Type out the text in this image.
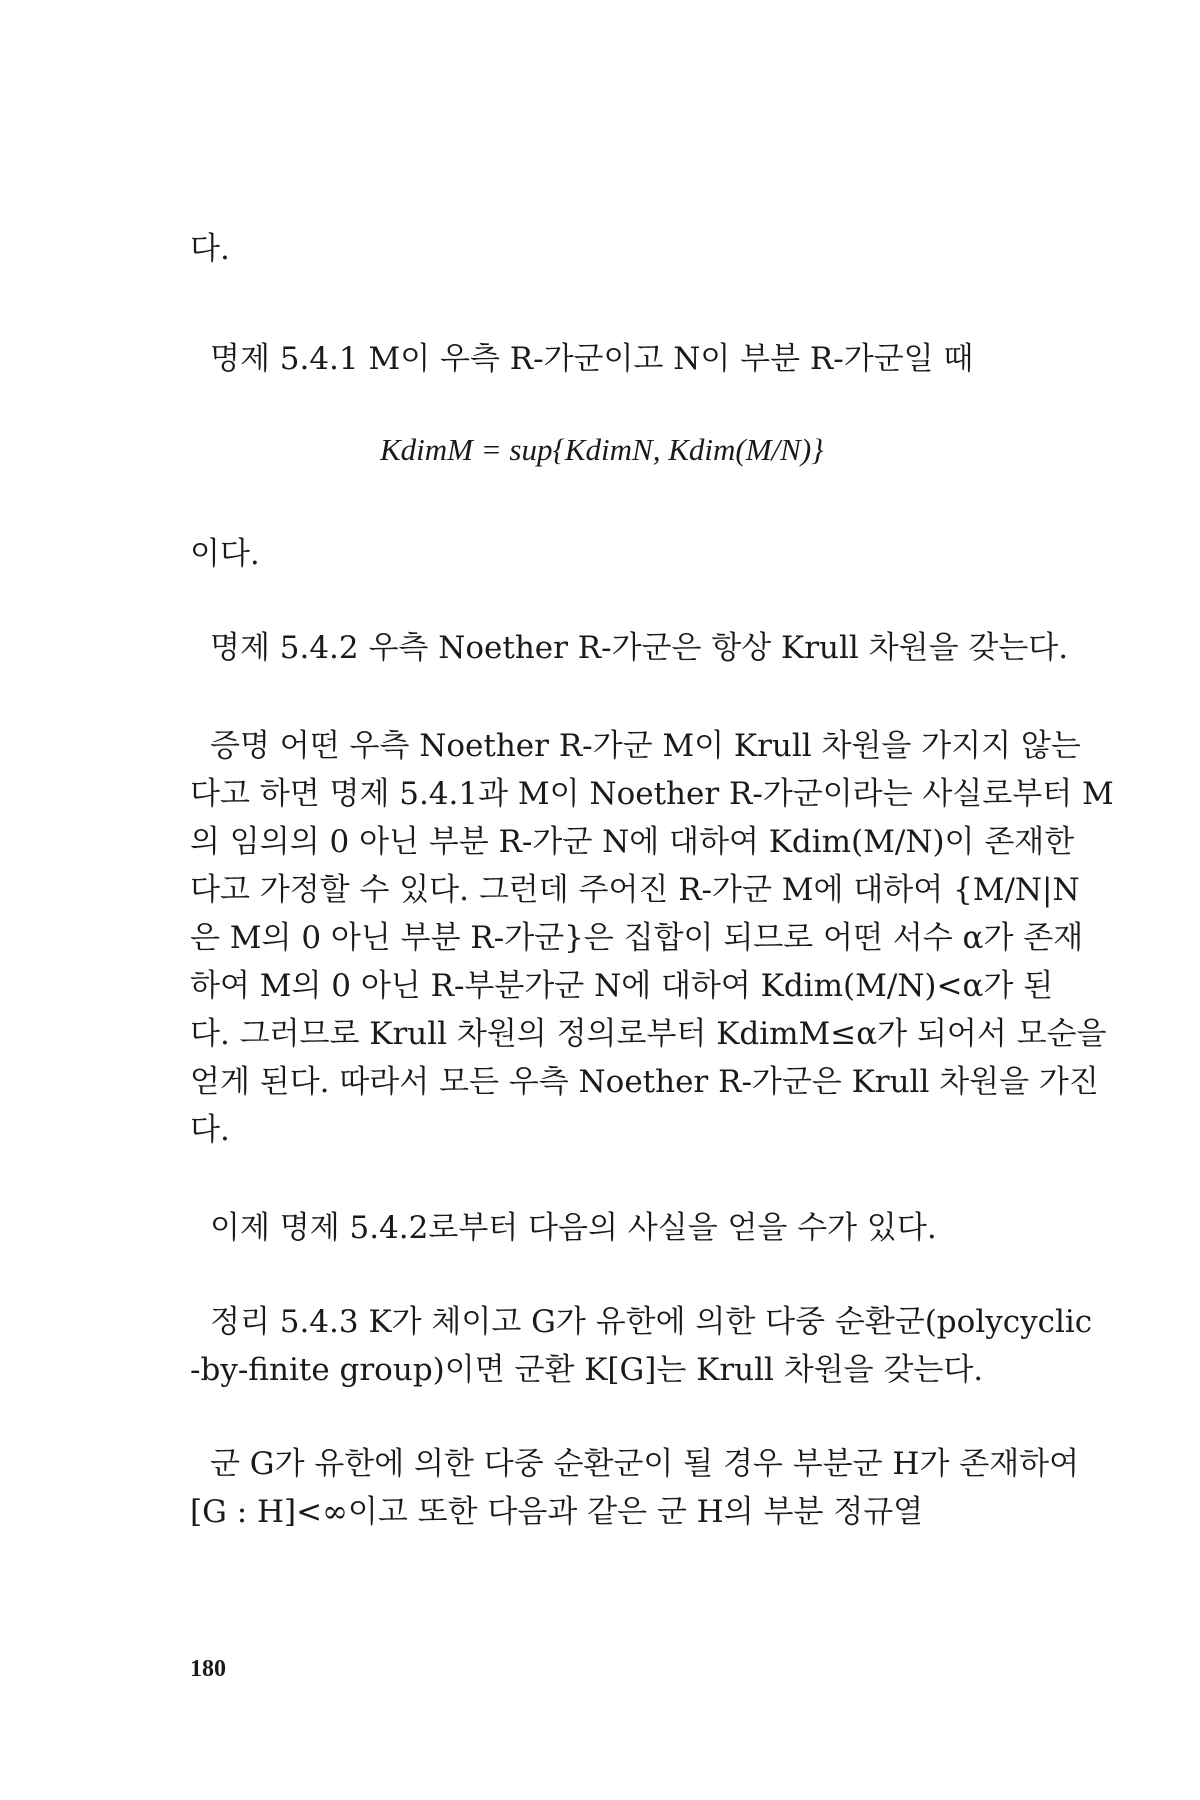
다.
명제 5.4.1 M이 우측 R-가군이고 N이 부분 R-가군일 때
KdimM = sup{KdimN, Kdim(M/N)}
이다.
명제 5.4.2 우측 Noether R-가군은 항상 Krull 차원을 갖는다.
증명 어떤 우측 Noether R-가군 M이 Krull 차원을 가지지 않는
다고 하면 명제 5.4.1과 M이 Noether R-가군이라는 사실로부터 M
의 임의의 0 아닌 부분 R-가군 N에 대하여 Kdim(M/N)이 존재한
다고 가정할 수 있다. 그런데 주어진 R-가군 M에 대하여 {M/N|N
은 M의 0 아닌 부분 R-가군}은 집합이 되므로 어떤 서수 α가 존재
하여 M의 0 아닌 R-부분가군 N에 대하여 Kdim(M/N)<α가 된
다. 그러므로 Krull 차원의 정의로부터 KdimM≤α가 되어서 모순을
얻게 된다. 따라서 모든 우측 Noether R-가군은 Krull 차원을 가진
다.
이제 명제 5.4.2로부터 다음의 사실을 얻을 수가 있다.
정리 5.4.3 K가 체이고 G가 유한에 의한 다중 순환군(polycyclic
-by-finite group)이면 군환 K[G]는 Krull 차원을 갖는다.
군 G가 유한에 의한 다중 순환군이 될 경우 부분군 H가 존재하여
[G : H]<∞이고 또한 다음과 같은 군 H의 부분 정규열
180
